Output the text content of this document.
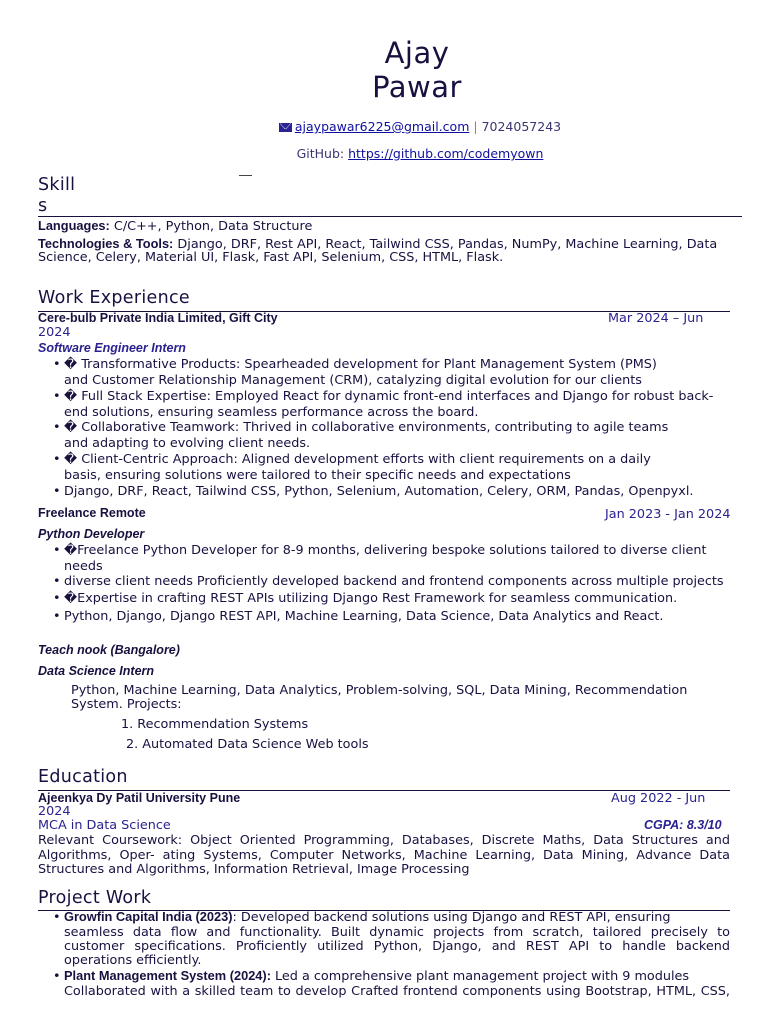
Ajay
Pawar
ajaypawar6225@gmail.com | 7024057243
GitHub: https://github.com/codemyown
Skill
s
Languages: C/C++, Python, Data Structure
Technologies & Tools: Django, DRF, Rest API, React, Tailwind CSS, Pandas, NumPy, Machine Learning, Data
Science, Celery, Material UI, Flask, Fast API, Selenium, CSS, HTML, Flask.
Work Experience
Cere-bulb Private India Limited, Gift City	Mar 2024 – Jun
2024
Software Engineer Intern
• � Transformative Products: Spearheaded development for Plant Management System (PMS)
and Customer Relationship Management (CRM), catalyzing digital evolution for our clients
• � Full Stack Expertise: Employed React for dynamic front-end interfaces and Django for robust back-
end solutions, ensuring seamless performance across the board.
• � Collaborative Teamwork: Thrived in collaborative environments, contributing to agile teams
and adapting to evolving client needs.
• � Client-Centric Approach: Aligned development efforts with client requirements on a daily
basis, ensuring solutions were tailored to their specific needs and expectations
• Django, DRF, React, Tailwind CSS, Python, Selenium, Automation, Celery, ORM, Pandas, Openpyxl.
Freelance Remote	Jan 2023 - Jan 2024
Python Developer
• �Freelance Python Developer for 8-9 months, delivering bespoke solutions tailored to diverse client
needs
• diverse client needs Proficiently developed backend and frontend components across multiple projects
• �Expertise in crafting REST APIs utilizing Django Rest Framework for seamless communication.
• Python, Django, Django REST API, Machine Learning, Data Science, Data Analytics and React.
Teach nook (Bangalore)
Data Science Intern
Python, Machine Learning, Data Analytics, Problem-solving, SQL, Data Mining, Recommendation
System. Projects:
1. Recommendation Systems
2. Automated Data Science Web tools
Education
Ajeenkya Dy Patil University Pune	Aug 2022 - Jun
2024
MCA in Data Science	CGPA: 8.3/10
Relevant Coursework: Object Oriented Programming, Databases, Discrete Maths, Data Structures and
Algorithms, Oper- ating Systems, Computer Networks, Machine Learning, Data Mining, Advance Data
Structures and Algorithms, Information Retrieval, Image Processing
Project Work
• Growfin Capital India (2023): Developed backend solutions using Django and REST API, ensuring
seamless data flow and functionality. Built dynamic projects from scratch, tailored precisely to
customer specifications. Proficiently utilized Python, Django, and REST API to handle backend
operations efficiently.
• Plant Management System (2024): Led a comprehensive plant management project with 9 modules
Collaborated with a skilled team to develop Crafted frontend components using Bootstrap, HTML, CSS,
